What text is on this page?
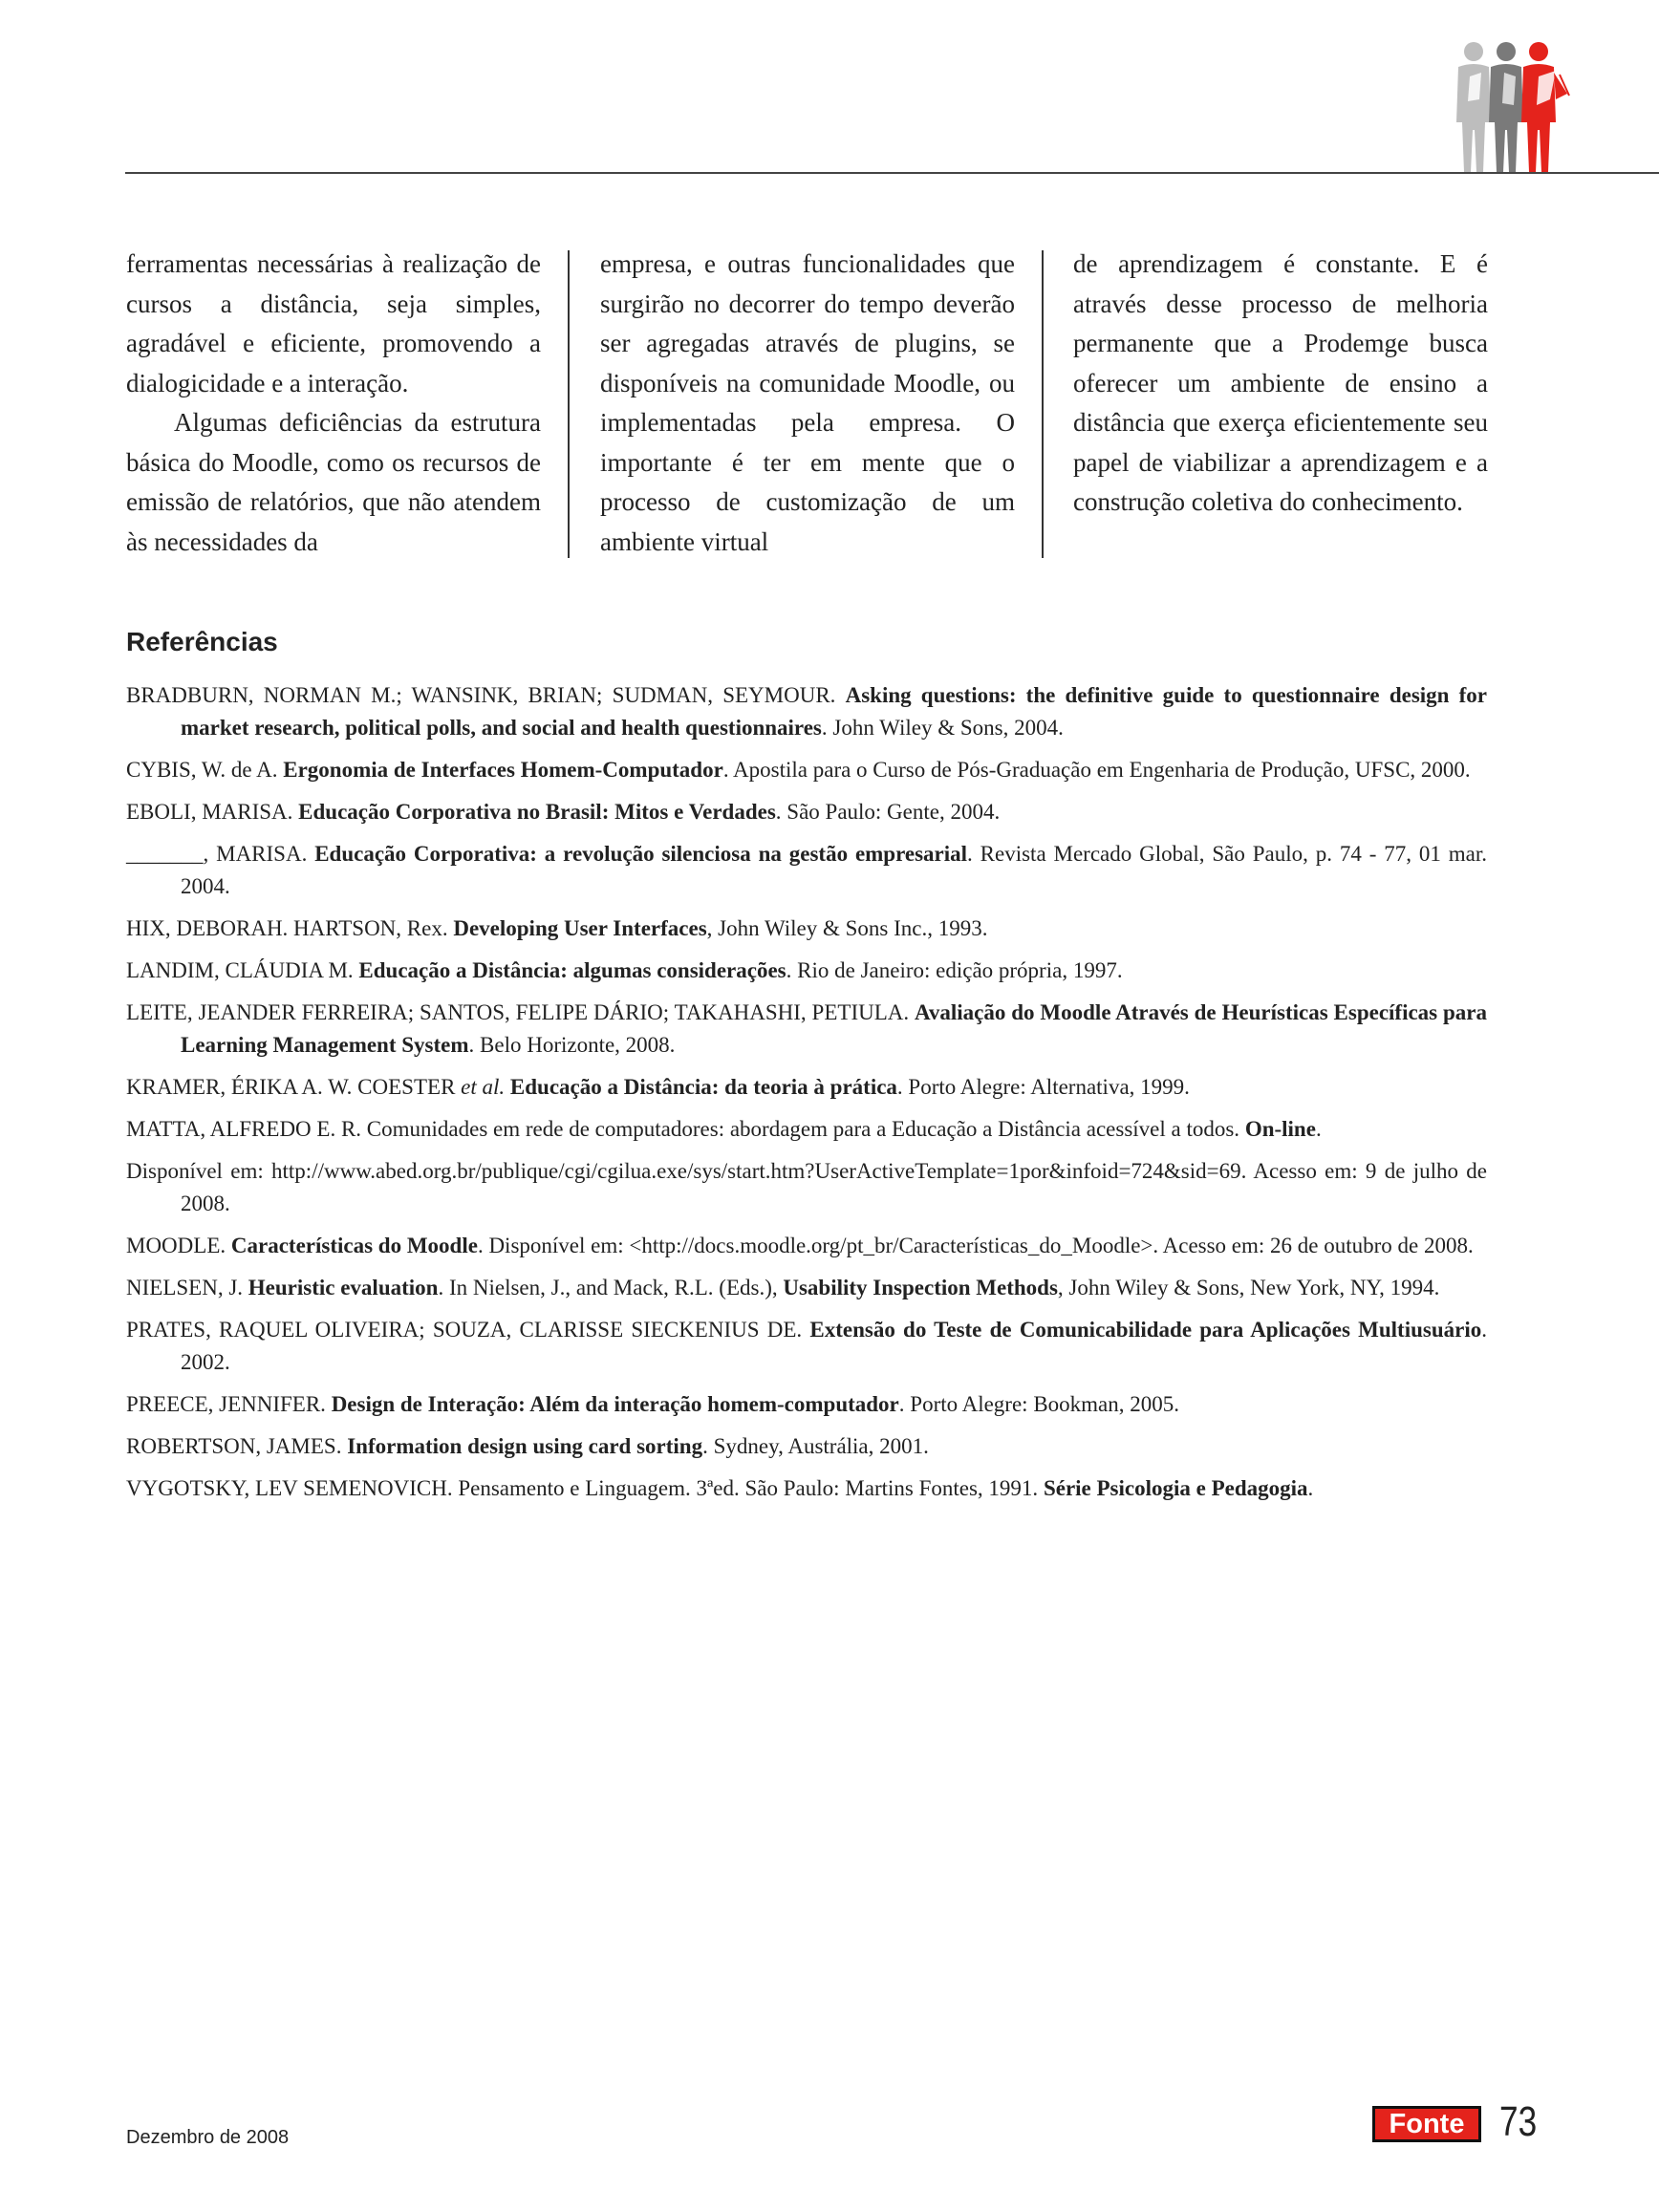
ferramentas necessárias à realização de cursos a distância, seja simples, agradável e eficiente, promovendo a dialogicidade e a interação.

Algumas deficiências da estrutura básica do Moodle, como os recursos de emissão de relatórios, que não atendem às necessidades da

empresa, e outras funcionalidades que surgirão no decorrer do tempo deverão ser agregadas através de plugins, se disponíveis na comunidade Moodle, ou implementadas pela empresa. O importante é ter em mente que o processo de customização de um ambiente virtual

de aprendizagem é constante. E é através desse processo de melhoria permanente que a Prodemge busca oferecer um ambiente de ensino a distância que exerça eficientemente seu papel de viabilizar a aprendizagem e a construção coletiva do conhecimento.

Referências

BRADBURN, NORMAN M.; WANSINK, BRIAN; SUDMAN, SEYMOUR. Asking questions: the definitive guide to questionnaire design for market research, political polls, and social and health questionnaires. John Wiley & Sons, 2004.

CYBIS, W. de A. Ergonomia de Interfaces Homem-Computador. Apostila para o Curso de Pós-Graduação em Engenharia de Produção, UFSC, 2000.

EBOLI, MARISA. Educação Corporativa no Brasil: Mitos e Verdades. São Paulo: Gente, 2004.

_______, MARISA. Educação Corporativa: a revolução silenciosa na gestão empresarial. Revista Mercado Global, São Paulo, p. 74 - 77, 01 mar. 2004.

HIX, DEBORAH. HARTSON, Rex. Developing User Interfaces, John Wiley & Sons Inc., 1993.

LANDIM, CLÁUDIA M. Educação a Distância: algumas considerações. Rio de Janeiro: edição própria, 1997.

LEITE, JEANDER FERREIRA; SANTOS, FELIPE DÁRIO; TAKAHASHI, PETIULA. Avaliação do Moodle Através de Heurísticas Específicas para Learning Management System. Belo Horizonte, 2008.

KRAMER, ÉRIKA A. W. COESTER et al. Educação a Distância: da teoria à prática. Porto Alegre: Alternativa, 1999.

MATTA, ALFREDO E. R. Comunidades em rede de computadores: abordagem para a Educação a Distância acessível a todos. On-line.

Disponível em: http://www.abed.org.br/publique/cgi/cgilua.exe/sys/start.htm?UserActiveTemplate=1por&infoid=724&sid=69. Acesso em: 9 de julho de 2008.

MOODLE. Características do Moodle. Disponível em: <http://docs.moodle.org/pt_br/Características_do_Moodle>. Acesso em: 26 de outubro de 2008.

NIELSEN, J. Heuristic evaluation. In Nielsen, J., and Mack, R.L. (Eds.), Usability Inspection Methods, John Wiley & Sons, New York, NY, 1994.

PRATES, RAQUEL OLIVEIRA; SOUZA, CLARISSE SIECKENIUS DE. Extensão do Teste de Comunicabilidade para Aplicações Multiusuário. 2002.

PREECE, JENNIFER. Design de Interação: Além da interação homem-computador. Porto Alegre: Bookman, 2005.

ROBERTSON, JAMES. Information design using card sorting. Sydney, Austrália, 2001.

VYGOTSKY, LEV SEMENOVICH. Pensamento e Linguagem. 3ªed. São Paulo: Martins Fontes, 1991. Série Psicologia e Pedagogia.

Dezembro de 2008	Fonte 73
